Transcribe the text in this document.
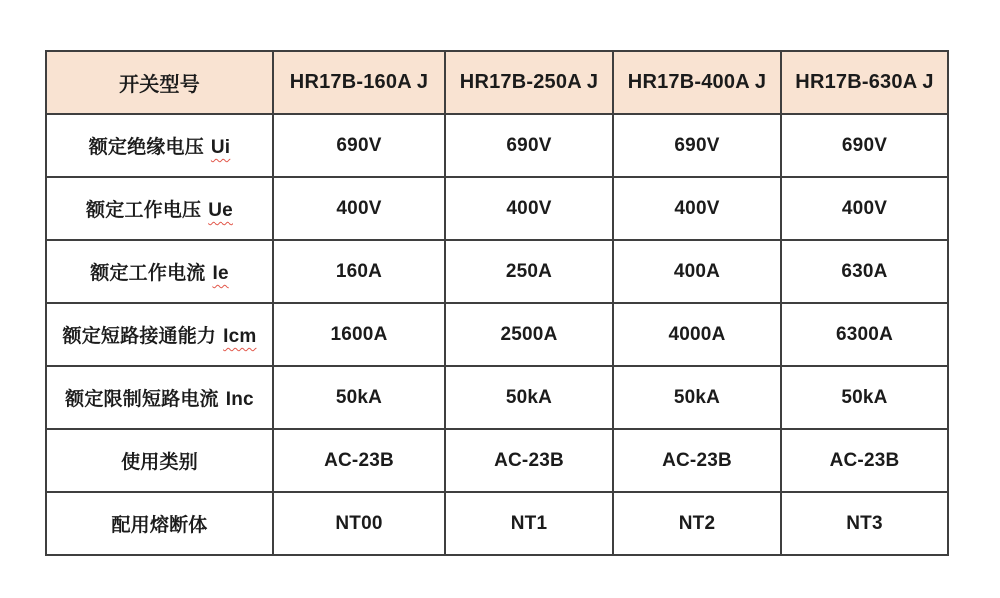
开关型号	HR17B-160A J	HR17B-250A J	HR17B-400A J	HR17B-630A J
额定绝缘电压 Ui	690V	690V	690V	690V
额定工作电压 Ue	400V	400V	400V	400V
额定工作电流 Ie	160A	250A	400A	630A
额定短路接通能力 Icm	1600A	2500A	4000A	6300A
额定限制短路电流 Inc	50kA	50kA	50kA	50kA
使用类别	AC-23B	AC-23B	AC-23B	AC-23B
配用熔断体	NT00	NT1	NT2	NT3
